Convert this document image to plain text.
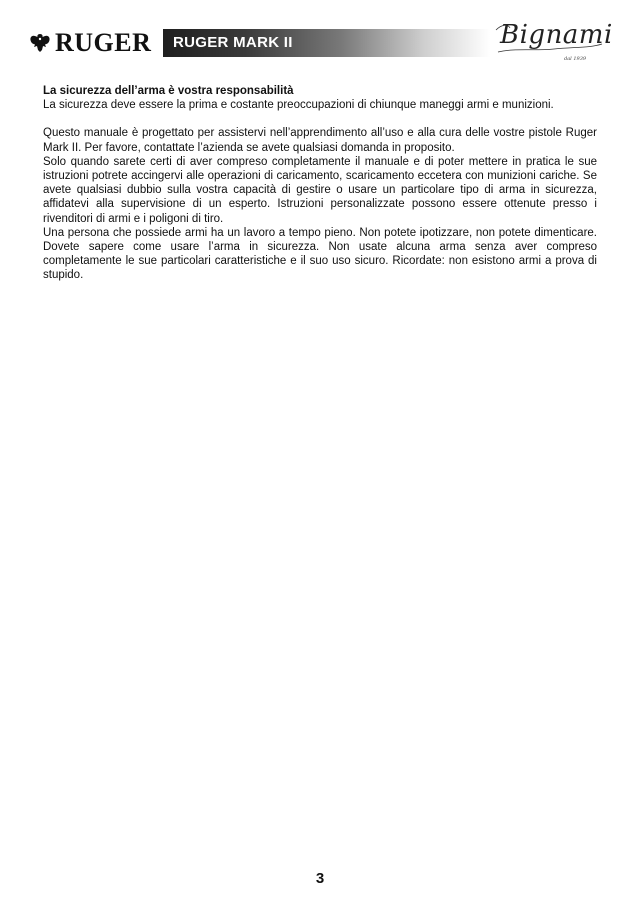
RUGER RUGER MARK II	Bignami
dal 1939

La sicurezza dell’arma è vostra responsabilità

La sicurezza deve essere la prima e costante preoccupazioni di chiunque maneggi armi e munizioni.

Questo manuale è progettato per assistervi nell’apprendimento all’uso e alla cura delle vostre pistole Ruger Mark II. Per favore, contattate l’azienda se avete qualsiasi domanda in proposito.

Solo quando sarete certi di aver compreso completamente il manuale e di poter mettere in pratica le sue istruzioni potrete accingervi alle operazioni di caricamento, scaricamento eccetera con munizioni cariche. Se avete qualsiasi dubbio sulla vostra capacità di gestire o usare un particolare tipo di arma in sicurezza, affidatevi alla supervisione di un esperto. Istruzioni personalizzate possono essere ottenute presso i rivenditori di armi e i poligoni di tiro.

Una persona che possiede armi ha un lavoro a tempo pieno. Non potete ipotizzare, non potete dimenticare. Dovete sapere come usare l’arma in sicurezza. Non usate alcuna arma senza aver compreso completamente le sue particolari caratteristiche e il suo uso sicuro. Ricordate: non esistono armi a prova di stupido.

3
